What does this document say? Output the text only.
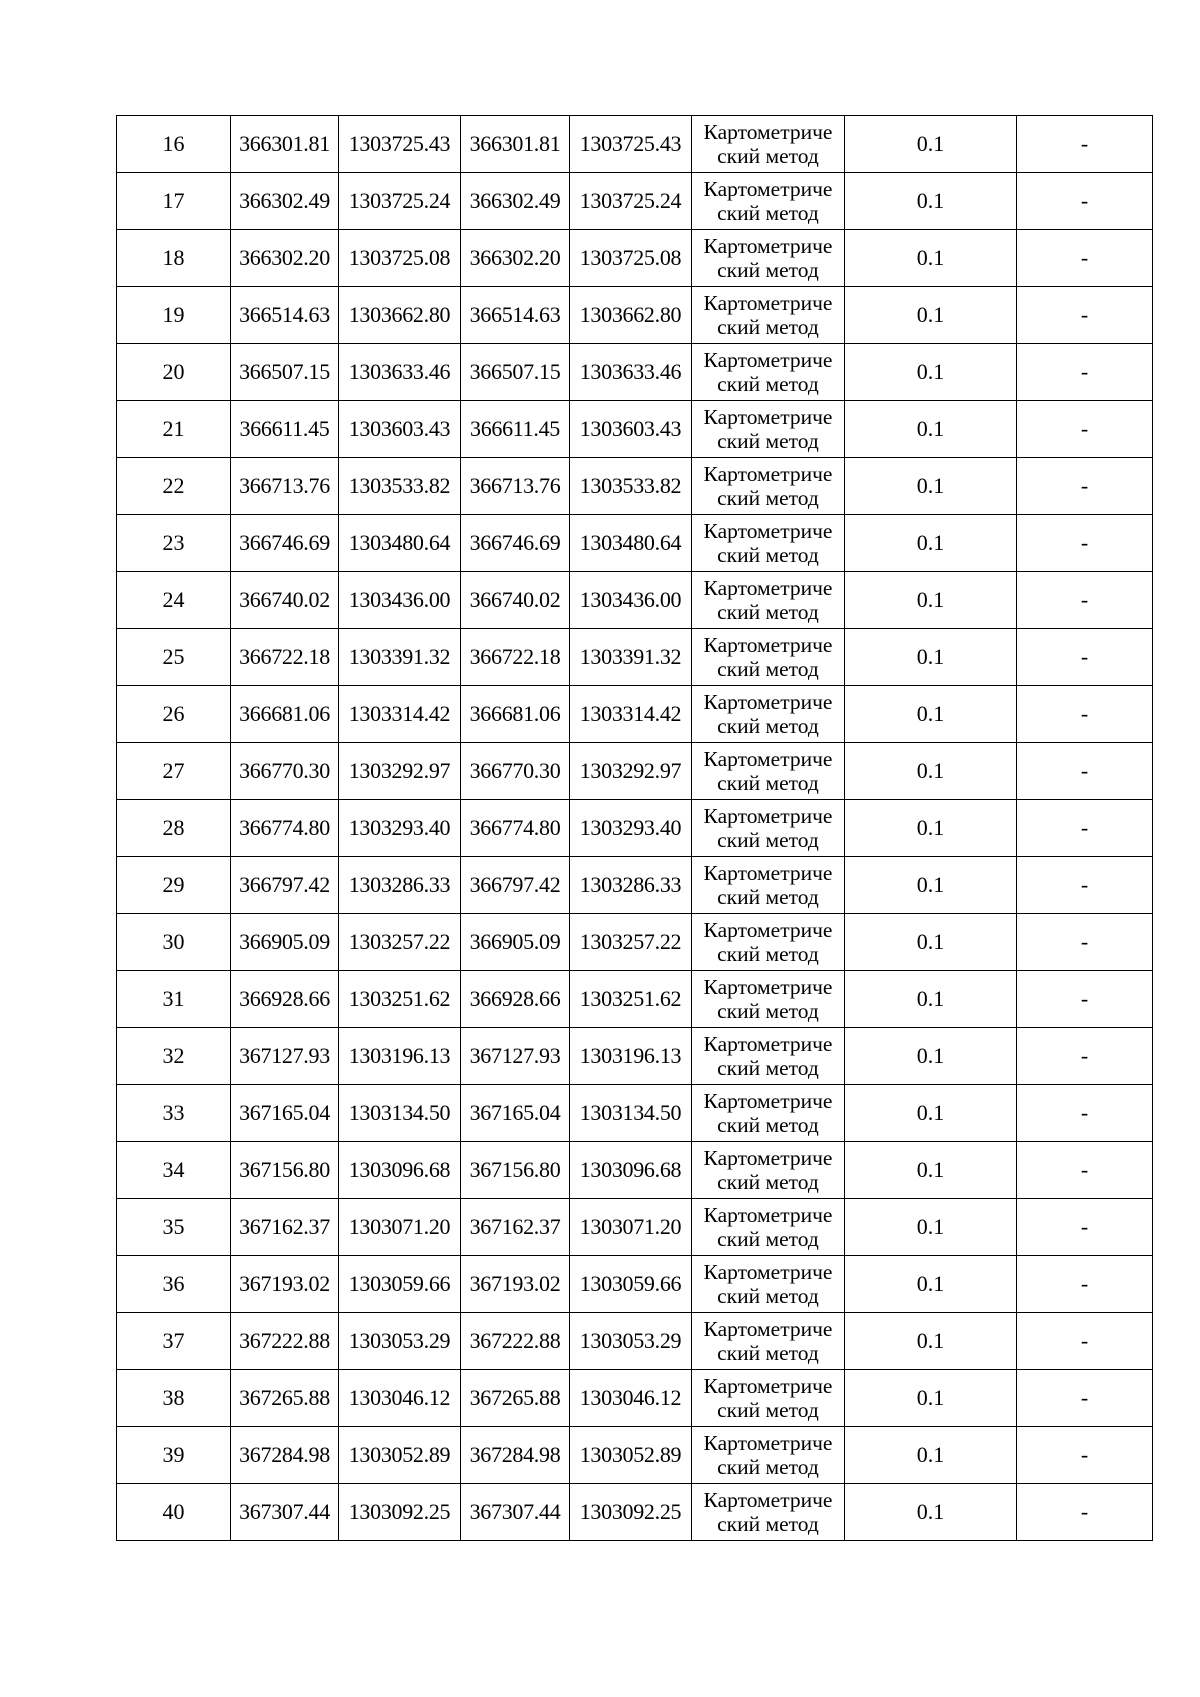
16	366301.81	1303725.43	366301.81	1303725.43	Картометриче
ский метод	0.1	-
17	366302.49	1303725.24	366302.49	1303725.24	Картометриче
ский метод	0.1	-
18	366302.20	1303725.08	366302.20	1303725.08	Картометриче
ский метод	0.1	-
19	366514.63	1303662.80	366514.63	1303662.80	Картометриче
ский метод	0.1	-
20	366507.15	1303633.46	366507.15	1303633.46	Картометриче
ский метод	0.1	-
21	366611.45	1303603.43	366611.45	1303603.43	Картометриче
ский метод	0.1	-
22	366713.76	1303533.82	366713.76	1303533.82	Картометриче
ский метод	0.1	-
23	366746.69	1303480.64	366746.69	1303480.64	Картометриче
ский метод	0.1	-
24	366740.02	1303436.00	366740.02	1303436.00	Картометриче
ский метод	0.1	-
25	366722.18	1303391.32	366722.18	1303391.32	Картометриче
ский метод	0.1	-
26	366681.06	1303314.42	366681.06	1303314.42	Картометриче
ский метод	0.1	-
27	366770.30	1303292.97	366770.30	1303292.97	Картометриче
ский метод	0.1	-
28	366774.80	1303293.40	366774.80	1303293.40	Картометриче
ский метод	0.1	-
29	366797.42	1303286.33	366797.42	1303286.33	Картометриче
ский метод	0.1	-
30	366905.09	1303257.22	366905.09	1303257.22	Картометриче
ский метод	0.1	-
31	366928.66	1303251.62	366928.66	1303251.62	Картометриче
ский метод	0.1	-
32	367127.93	1303196.13	367127.93	1303196.13	Картометриче
ский метод	0.1	-
33	367165.04	1303134.50	367165.04	1303134.50	Картометриче
ский метод	0.1	-
34	367156.80	1303096.68	367156.80	1303096.68	Картометриче
ский метод	0.1	-
35	367162.37	1303071.20	367162.37	1303071.20	Картометриче
ский метод	0.1	-
36	367193.02	1303059.66	367193.02	1303059.66	Картометриче
ский метод	0.1	-
37	367222.88	1303053.29	367222.88	1303053.29	Картометриче
ский метод	0.1	-
38	367265.88	1303046.12	367265.88	1303046.12	Картометриче
ский метод	0.1	-
39	367284.98	1303052.89	367284.98	1303052.89	Картометриче
ский метод	0.1	-
40	367307.44	1303092.25	367307.44	1303092.25	Картометриче
ский метод	0.1	-
